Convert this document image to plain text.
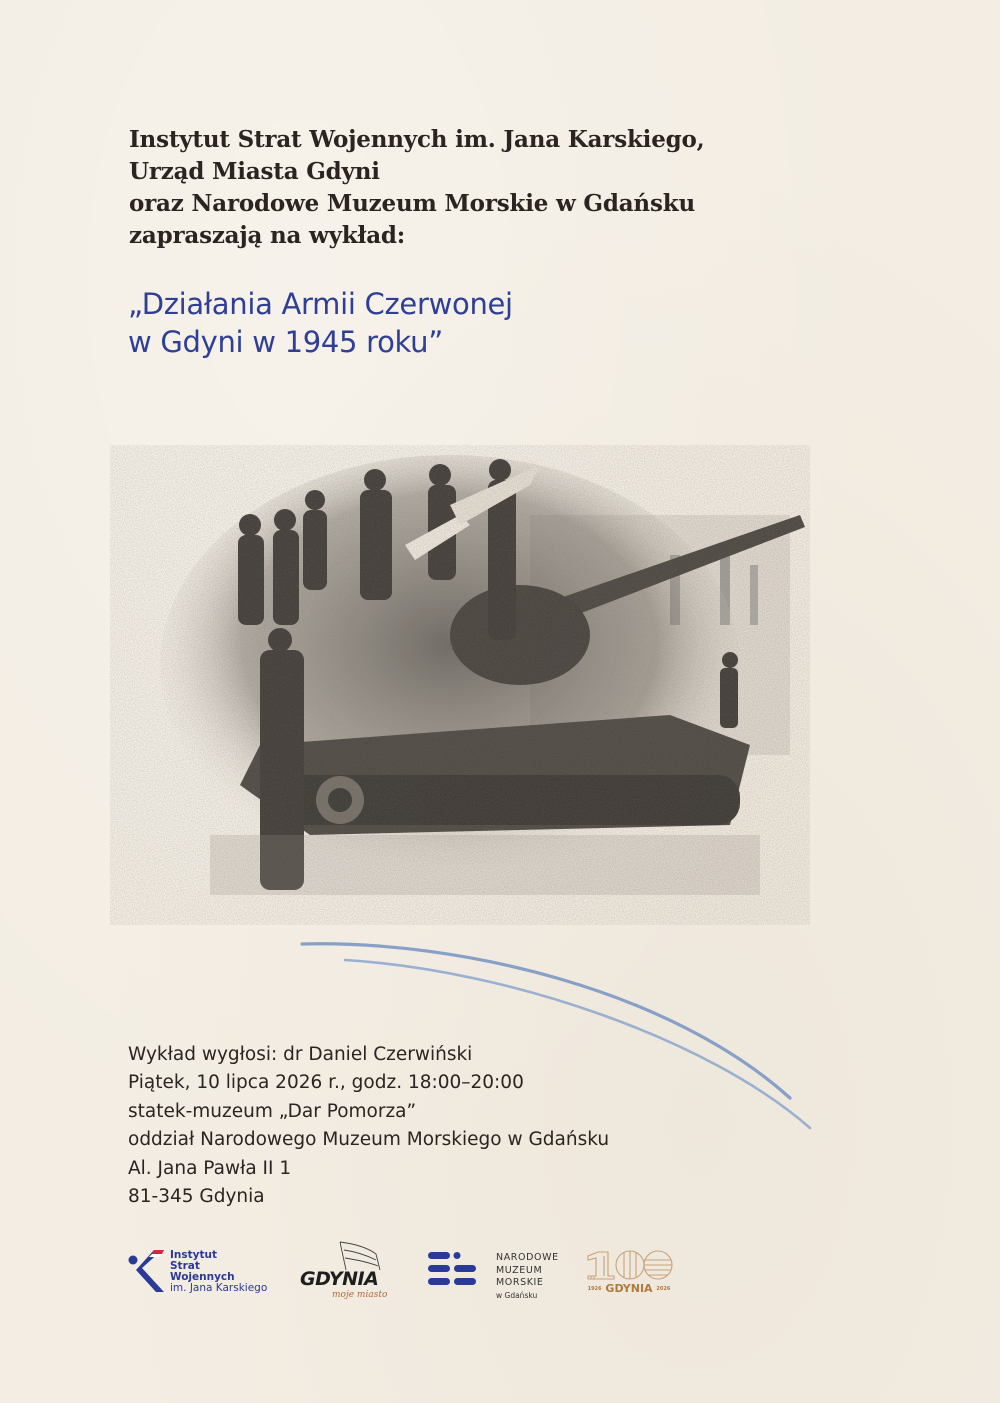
Instytut Strat Wojennych im. Jana Karskiego,
Urząd Miasta Gdyni
oraz Narodowe Muzeum Morskie w Gdańsku
zapraszają na wykład:
„Działania Armii Czerwonej
w Gdyni w 1945 roku”
Wykład wygłosi: dr Daniel Czerwiński
Piątek, 10 lipca 2026 r., godz. 18:00–20:00
statek-muzeum „Dar Pomorza”
oddział Narodowego Muzeum Morskiego w Gdańsku
Al. Jana Pawła II 1
81-345 Gdynia
Instytut
Strat
Wojennych
im. Jana Karskiego GDYNIA
moje miasto
NARODOWE
MUZEUM
MORSKIE
w Gdańsku
1926 GDYNIA 2026
